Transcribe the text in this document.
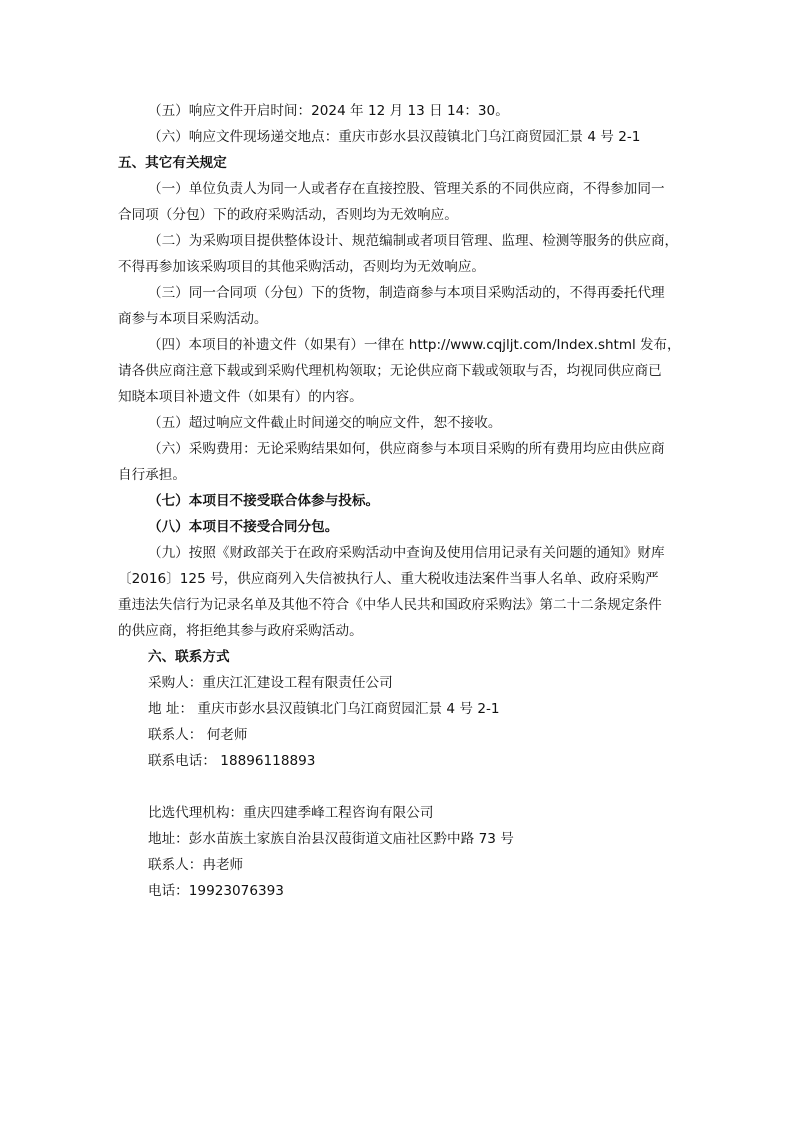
（五）响应文件开启时间：2024 年 12 月 13 日 14：30。
（六）响应文件现场递交地点：重庆市彭水县汉葭镇北门乌江商贸园汇景 4 号 2-1
五、其它有关规定
（一）单位负责人为同一人或者存在直接控股、管理关系的不同供应商，不得参加同一
合同项（分包）下的政府采购活动，否则均为无效响应。
（二）为采购项目提供整体设计、规范编制或者项目管理、监理、检测等服务的供应商，
不得再参加该采购项目的其他采购活动，否则均为无效响应。
（三）同一合同项（分包）下的货物，制造商参与本项目采购活动的，不得再委托代理
商参与本项目采购活动。
（四）本项目的补遗文件（如果有）一律在 http://www.cqjljt.com/Index.shtml 发布，
请各供应商注意下载或到采购代理机构领取；无论供应商下载或领取与否，均视同供应商已
知晓本项目补遗文件（如果有）的内容。
（五）超过响应文件截止时间递交的响应文件，恕不接收。
（六）采购费用：无论采购结果如何，供应商参与本项目采购的所有费用均应由供应商
自行承担。
（七）本项目不接受联合体参与投标。
（八）本项目不接受合同分包。
（九）按照《财政部关于在政府采购活动中查询及使用信用记录有关问题的通知》财库
〔2016〕125 号，供应商列入失信被执行人、重大税收违法案件当事人名单、政府采购严
重违法失信行为记录名单及其他不符合《中华人民共和国政府采购法》第二十二条规定条件
的供应商，将拒绝其参与政府采购活动。
六、联系方式
采购人：重庆江汇建设工程有限责任公司
地 址： 重庆市彭水县汉葭镇北门乌江商贸园汇景 4 号 2-1
联系人： 何老师
联系电话： 18896118893
比选代理机构：重庆四建季峰工程咨询有限公司
地址：彭水苗族土家族自治县汉葭街道文庙社区黔中路 73 号
联系人：冉老师
电话：19923076393
